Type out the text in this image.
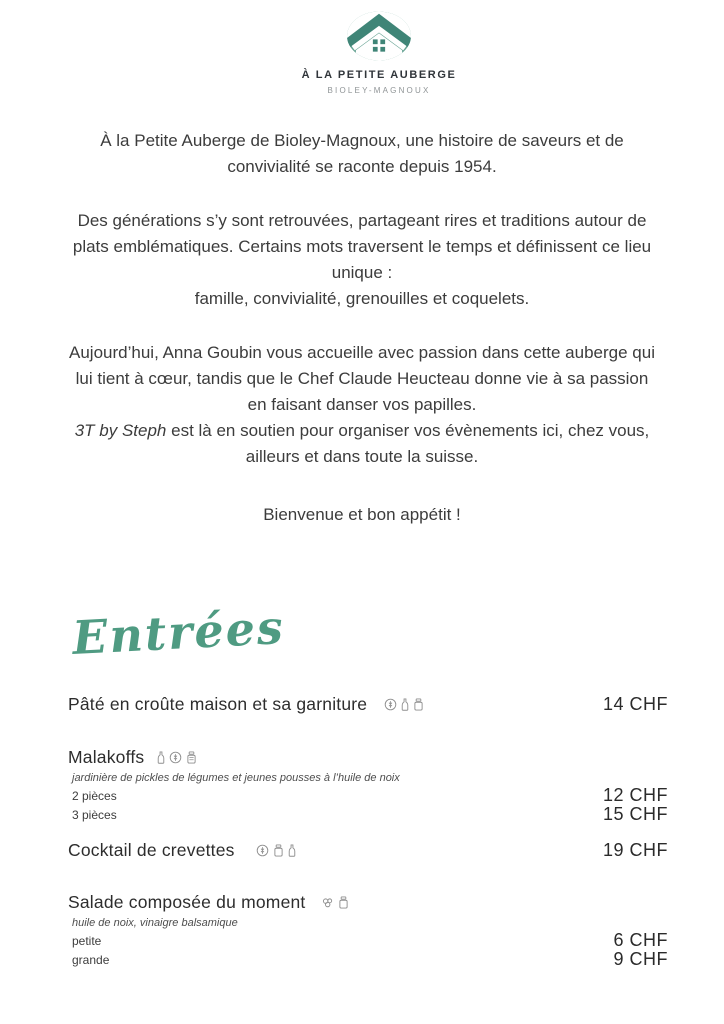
À LA PETITE AUBERGE
BIOLEY-MAGNOUX

À la Petite Auberge de Bioley-Magnoux, une histoire de saveurs et de
convivialité se raconte depuis 1954.

Des générations s’y sont retrouvées, partageant rires et traditions autour de
plats emblématiques. Certains mots traversent le temps et définissent ce lieu
unique :
famille, convivialité, grenouilles et coquelets.

Aujourd’hui, Anna Goubin vous accueille avec passion dans cette auberge qui
lui tient à cœur, tandis que le Chef Claude Heucteau donne vie à sa passion
en faisant danser vos papilles.
3T by Steph est là en soutien pour organiser vos évènements ici, chez vous,
ailleurs et dans toute la suisse.

Bienvenue et bon appétit !

Entrées
Pâté en croûte maison et sa garniture	14 CHF
Malakoffs
jardinière de pickles de légumes et jeunes pousses à l’huile de noix
2 pièces	12 CHF
3 pièces	15 CHF
Cocktail de crevettes	19 CHF
Salade composée du moment
huile de noix, vinaigre balsamique
petite	6 CHF
grande	9 CHF
